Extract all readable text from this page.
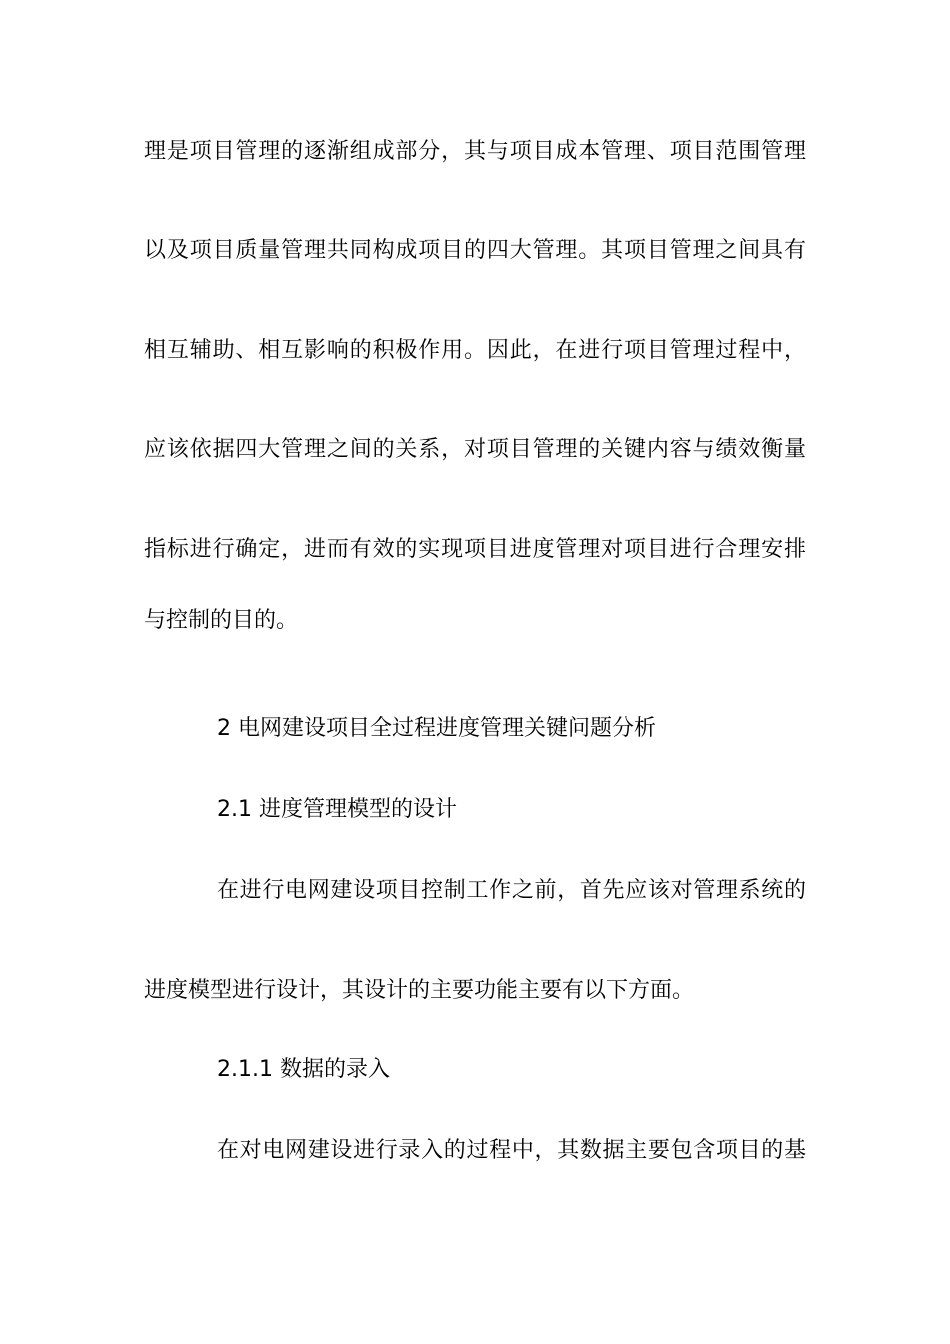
理是项目管理的逐渐组成部分，其与项目成本管理、项目范围管理
以及项目质量管理共同构成项目的四大管理。其项目管理之间具有
相互辅助、相互影响的积极作用。因此，在进行项目管理过程中，
应该依据四大管理之间的关系，对项目管理的关键内容与绩效衡量
指标进行确定，进而有效的实现项目进度管理对项目进行合理安排
与控制的目的。
2 电网建设项目全过程进度管理关键问题分析
2.1 进度管理模型的设计
在进行电网建设项目控制工作之前，首先应该对管理系统的
进度模型进行设计，其设计的主要功能主要有以下方面。
2.1.1 数据的录入
在对电网建设进行录入的过程中，其数据主要包含项目的基
